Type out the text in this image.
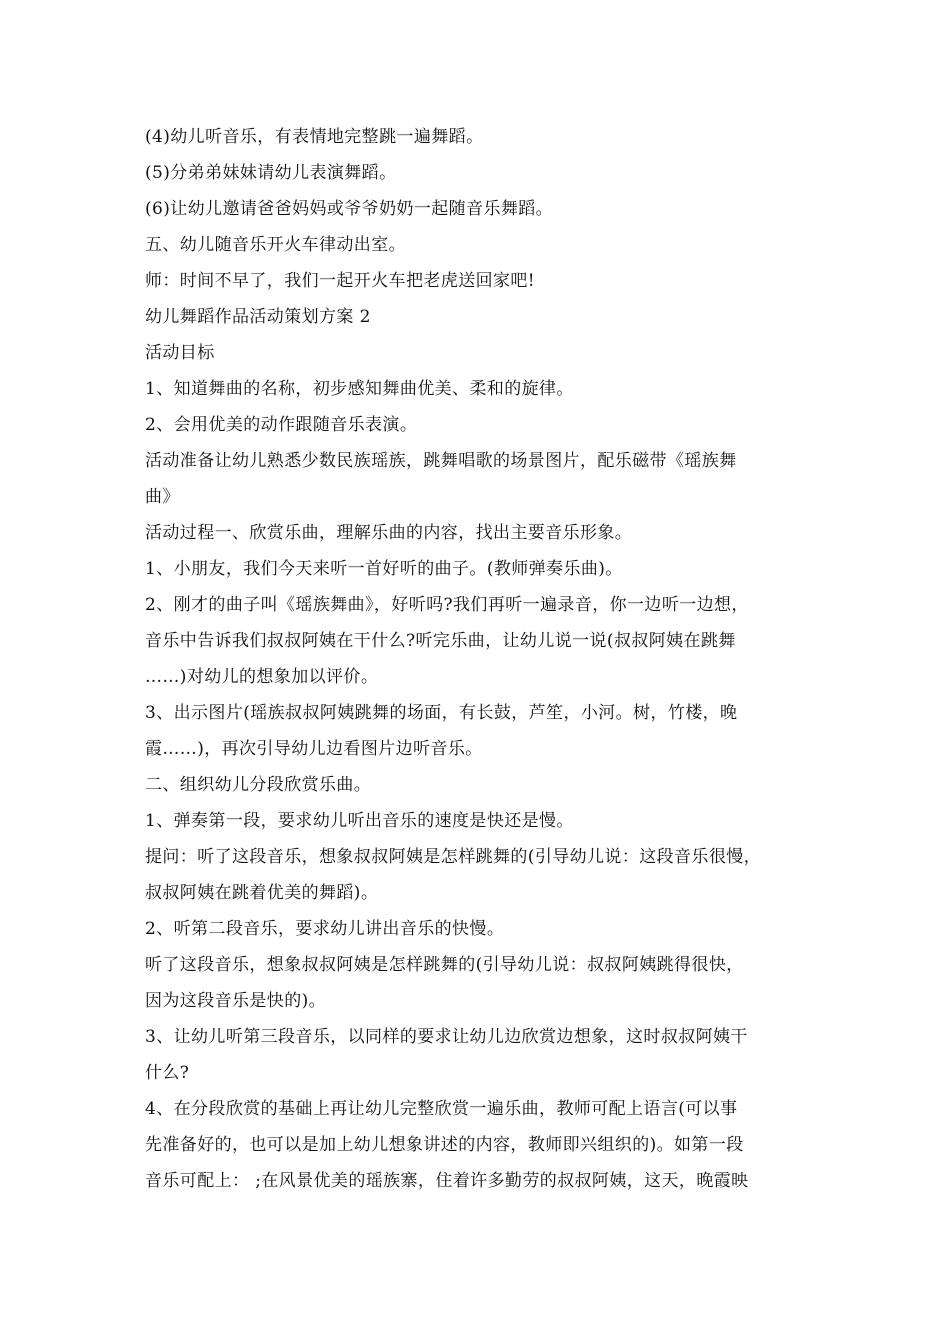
(4)幼儿听音乐，有表情地完整跳一遍舞蹈。
(5)分弟弟妹妹请幼儿表演舞蹈。
(6)让幼儿邀请爸爸妈妈或爷爷奶奶一起随音乐舞蹈。
五、幼儿随音乐开火车律动出室。
师：时间不早了，我们一起开火车把老虎送回家吧!
幼儿舞蹈作品活动策划方案 2
活动目标
1、知道舞曲的名称，初步感知舞曲优美、柔和的旋律。
2、会用优美的动作跟随音乐表演。
活动准备让幼儿熟悉少数民族瑶族，跳舞唱歌的场景图片，配乐磁带《瑶族舞
曲》
活动过程一、欣赏乐曲，理解乐曲的内容，找出主要音乐形象。
1、小朋友，我们今天来听一首好听的曲子。(教师弹奏乐曲)。
2、刚才的曲子叫《瑶族舞曲》，好听吗?我们再听一遍录音，你一边听一边想，
音乐中告诉我们叔叔阿姨在干什么?听完乐曲，让幼儿说一说(叔叔阿姨在跳舞
……)对幼儿的想象加以评价。
3、出示图片(瑶族叔叔阿姨跳舞的场面，有长鼓，芦笙，小河。树，竹楼，晚
霞……)，再次引导幼儿边看图片边听音乐。
二、组织幼儿分段欣赏乐曲。
1、弹奏第一段，要求幼儿听出音乐的速度是快还是慢。
提问：听了这段音乐，想象叔叔阿姨是怎样跳舞的(引导幼儿说：这段音乐很慢，
叔叔阿姨在跳着优美的舞蹈)。
2、听第二段音乐，要求幼儿讲出音乐的快慢。
听了这段音乐，想象叔叔阿姨是怎样跳舞的(引导幼儿说：叔叔阿姨跳得很快，
因为这段音乐是快的)。
3、让幼儿听第三段音乐，以同样的要求让幼儿边欣赏边想象，这时叔叔阿姨干
什么?
4、在分段欣赏的基础上再让幼儿完整欣赏一遍乐曲，教师可配上语言(可以事
先准备好的，也可以是加上幼儿想象讲述的内容，教师即兴组织的)。如第一段
音乐可配上： ;在风景优美的瑶族寨，住着许多勤劳的叔叔阿姨，这天，晚霞映
